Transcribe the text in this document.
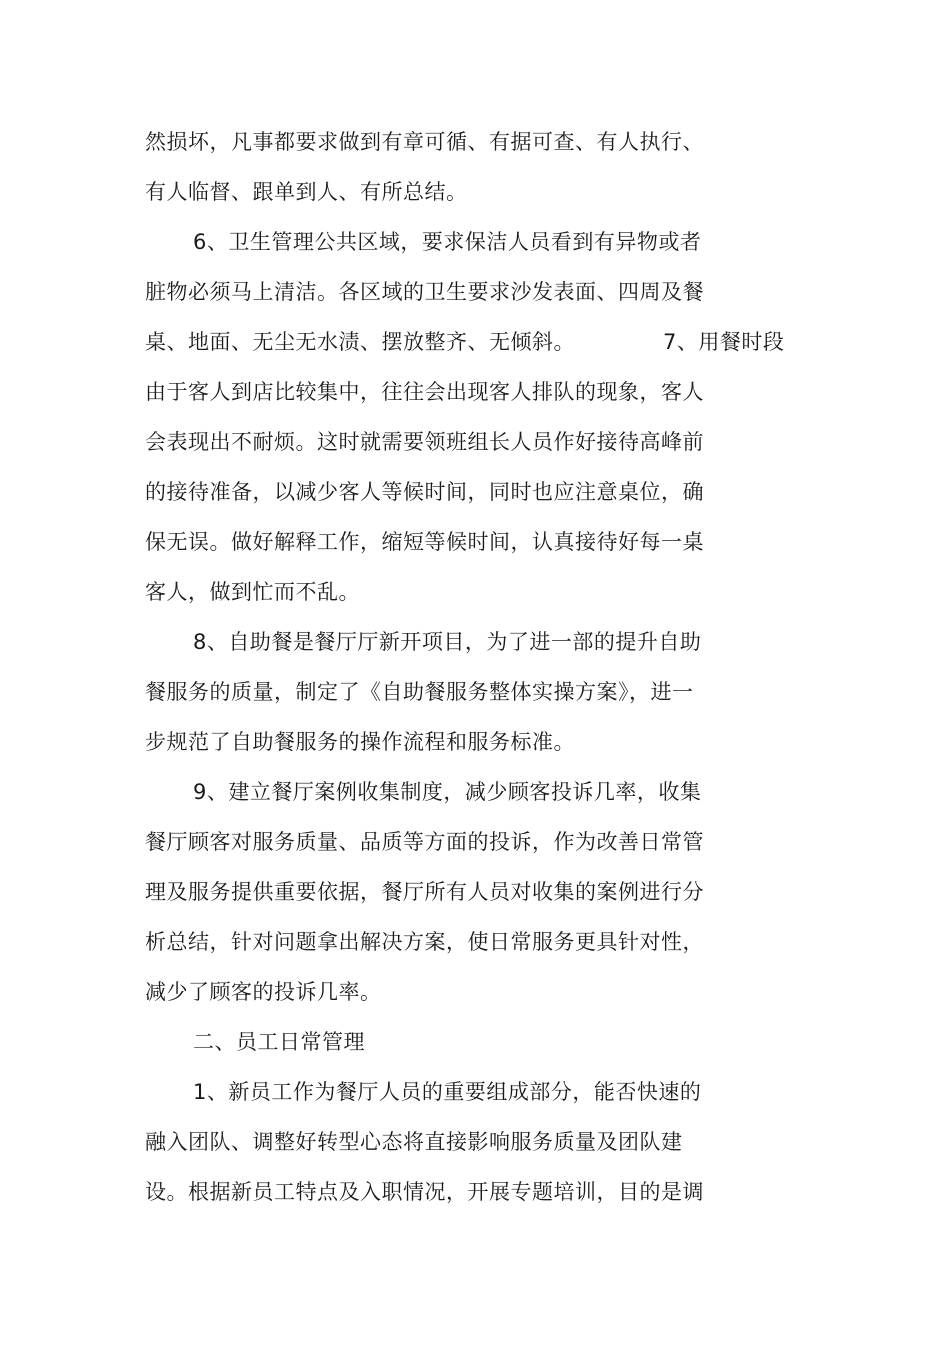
然损坏，凡事都要求做到有章可循、有据可查、有人执行、
有人临督、跟单到人、有所总结。
6、卫生管理公共区域，要求保洁人员看到有异物或者
脏物必须马上清洁。各区域的卫生要求沙发表面、四周及餐
桌、地面、无尘无水渍、摆放整齐、无倾斜。	7、用餐时段
由于客人到店比较集中，往往会出现客人排队的现象，客人
会表现出不耐烦。这时就需要领班组长人员作好接待高峰前
的接待准备，以减少客人等候时间，同时也应注意桌位，确
保无误。做好解释工作，缩短等候时间，认真接待好每一桌
客人，做到忙而不乱。
8、自助餐是餐厅厅新开项目，为了进一部的提升自助
餐服务的质量，制定了《自助餐服务整体实操方案》，进一
步规范了自助餐服务的操作流程和服务标准。
9、建立餐厅案例收集制度，减少顾客投诉几率，收集
餐厅顾客对服务质量、品质等方面的投诉，作为改善日常管
理及服务提供重要依据，餐厅所有人员对收集的案例进行分
析总结，针对问题拿出解决方案，使日常服务更具针对性，
减少了顾客的投诉几率。
二、员工日常管理
1、新员工作为餐厅人员的重要组成部分，能否快速的
融入团队、调整好转型心态将直接影响服务质量及团队建
设。根据新员工特点及入职情况，开展专题培训，目的是调
